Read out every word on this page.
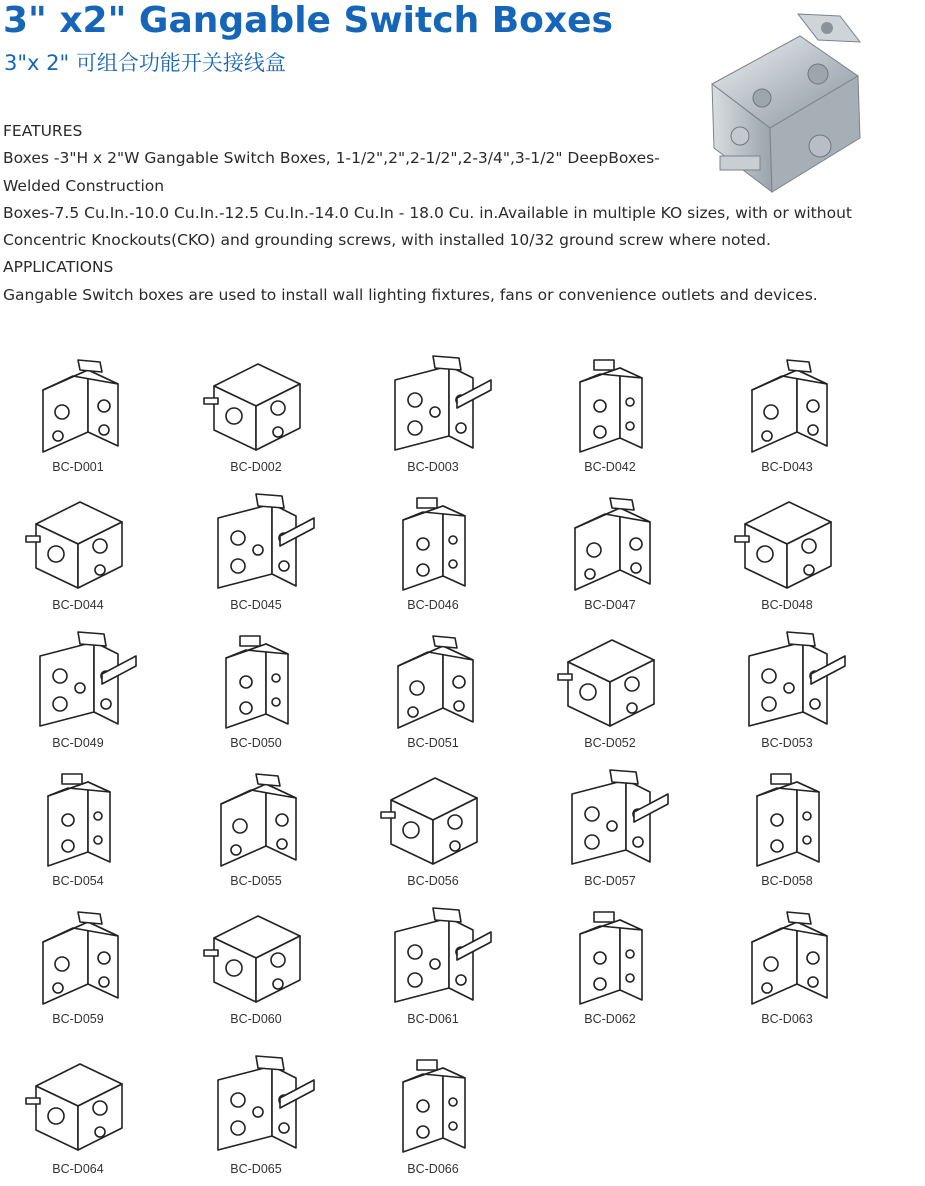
3" x2" Gangable Switch Boxes
3"x 2" 可组合功能开关接线盒

FEATURES

Boxes -3"H x 2"W Gangable Switch Boxes, 1-1/2",2",2-1/2",2-3/4",3-1/2" DeepBoxes-

Welded Construction

Boxes-7.5 Cu.In.-10.0 Cu.In.-12.5 Cu.In.-14.0 Cu.In - 18.0 Cu. in.Available in multiple KO sizes, with or without

Concentric Knockouts(CKO) and grounding screws, with installed 10/32 ground screw where noted.

APPLICATIONS

Gangable Switch boxes are used to install wall lighting fixtures, fans or convenience outlets and devices.

BC-D001	BC-D002	BC-D003	BC-D042	BC-D043
BC-D044	BC-D045	BC-D046	BC-D047	BC-D048
BC-D049	BC-D050	BC-D051	BC-D052	BC-D053
BC-D054	BC-D055	BC-D056	BC-D057	BC-D058
BC-D059	BC-D060	BC-D061	BC-D062	BC-D063
BC-D064	BC-D065	BC-D066
